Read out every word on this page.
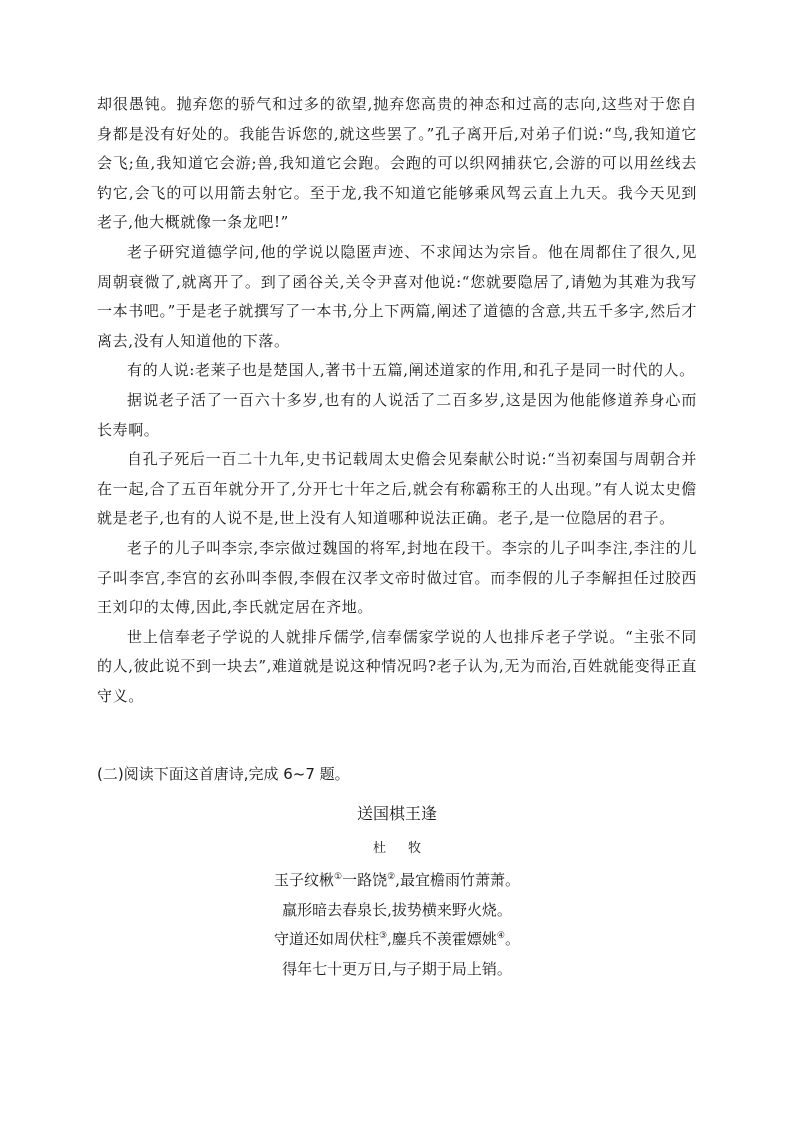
却很愚钝。抛弃您的骄气和过多的欲望,抛弃您高贵的神态和过高的志向,这些对于您自身都是没有好处的。我能告诉您的,就这些罢了。”孔子离开后,对弟子们说:“鸟,我知道它会飞;鱼,我知道它会游;兽,我知道它会跑。会跑的可以织网捕获它,会游的可以用丝线去钓它,会飞的可以用箭去射它。至于龙,我不知道它能够乘风驾云直上九天。我今天见到老子,他大概就像一条龙吧!”

老子研究道德学问,他的学说以隐匿声迹、不求闻达为宗旨。他在周都住了很久,见周朝衰微了,就离开了。到了函谷关,关令尹喜对他说:“您就要隐居了,请勉为其难为我写一本书吧。”于是老子就撰写了一本书,分上下两篇,阐述了道德的含意,共五千多字,然后才离去,没有人知道他的下落。

有的人说:老莱子也是楚国人,著书十五篇,阐述道家的作用,和孔子是同一时代的人。

据说老子活了一百六十多岁,也有的人说活了二百多岁,这是因为他能修道养身心而长寿啊。

自孔子死后一百二十九年,史书记载周太史儋会见秦献公时说:“当初秦国与周朝合并在一起,合了五百年就分开了,分开七十年之后,就会有称霸称王的人出现。”有人说太史儋就是老子,也有的人说不是,世上没有人知道哪种说法正确。老子,是一位隐居的君子。

老子的儿子叫李宗,李宗做过魏国的将军,封地在段干。李宗的儿子叫李注,李注的儿子叫李宫,李宫的玄孙叫李假,李假在汉孝文帝时做过官。而李假的儿子李解担任过胶西王刘卬的太傅,因此,李氏就定居在齐地。

世上信奉老子学说的人就排斥儒学,信奉儒家学说的人也排斥老子学说。“主张不同的人,彼此说不到一块去”,难道就是说这种情况吗?老子认为,无为而治,百姓就能变得正直守义。

(二)阅读下面这首唐诗,完成 6~7 题。
送国棋王逢
杜 牧
玉子纹楸①一路饶②,最宜檐雨竹萧萧。
羸形暗去春泉长,拔势横来野火烧。
守道还如周伏柱③,鏖兵不羡霍嫖姚④。
得年七十更万日,与子期于局上销。
